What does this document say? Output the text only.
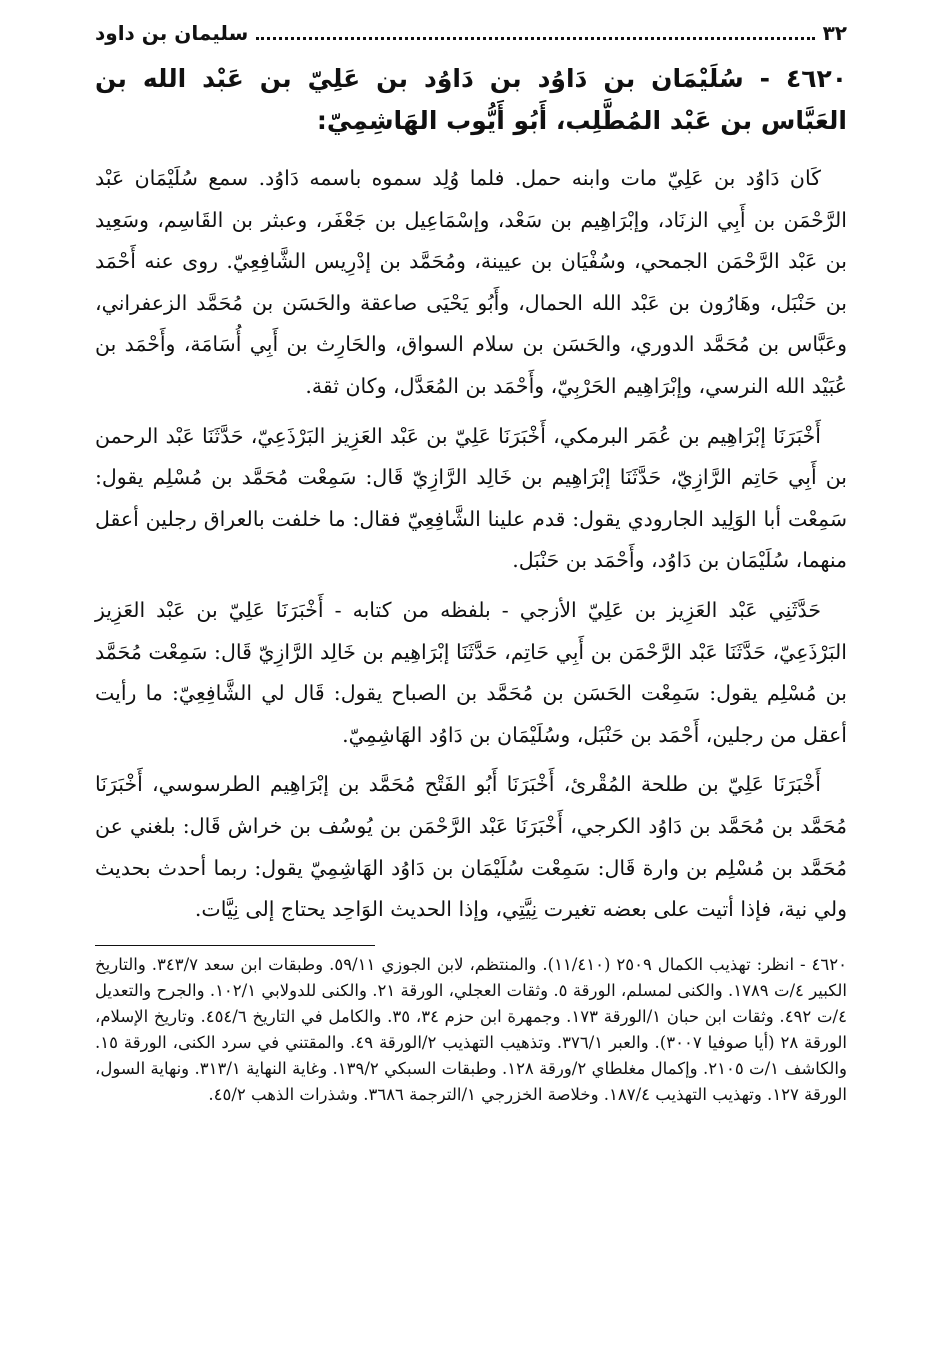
٣٢
سليمان بن داود
٤٦٢٠ - سُلَيْمَان بن دَاوُد بن دَاوُد بن عَلِيّ بن عَبْد الله بن العَبَّاس بن عَبْد المُطَّلِب، أَبُو أَيُّوب الهَاشِمِيّ:

كَان دَاوُد بن عَلِيّ مات وابنه حمل. فلما وُلِد سموه باسمه دَاوُد. سمع سُلَيْمَان عَبْد الرَّحْمَن بن أَبِي الزنَاد، وإبْرَاهِيم بن سَعْد، وإسْمَاعِيل بن جَعْفَر، وعبثر بن القَاسِم، وسَعِيد بن عَبْد الرَّحْمَن الجمحي، وسُفْيَان بن عيينة، ومُحَمَّد بن إدْرِيس الشَّافِعِيّ. روى عنه أَحْمَد بن حَنْبَل، وهَارُون بن عَبْد الله الحمال، وأَبُو يَحْيَى صاعقة والحَسَن بن مُحَمَّد الزعفراني، وعَبَّاس بن مُحَمَّد الدوري، والحَسَن بن سلام السواق، والحَارِث بن أَبِي أُسَامَة، وأَحْمَد بن عُبَيْد الله النرسي، وإبْرَاهِيم الحَرْبِيّ، وأَحْمَد بن المُعَدَّل، وكان ثقة.

أَخْبَرَنَا إبْرَاهِيم بن عُمَر البرمكي، أَخْبَرَنَا عَلِيّ بن عَبْد العَزِيز البَرْذَعِيّ، حَدَّثَنَا عَبْد الرحمن بن أَبِي حَاتِم الرَّازِيّ، حَدَّثَنَا إبْرَاهِيم بن خَالِد الرَّازِيّ قَال: سَمِعْت مُحَمَّد بن مُسْلِم يقول: سَمِعْت أبا الوَلِيد الجارودي يقول: قدم علينا الشَّافِعِيّ فقال: ما خلفت بالعراق رجلين أعقل منهما، سُلَيْمَان بن دَاوُد، وأَحْمَد بن حَنْبَل.

حَدَّثَنِي عَبْد العَزِيز بن عَلِيّ الأزجي - بلفظه من كتابه - أَخْبَرَنَا عَلِيّ بن عَبْد العَزِيز البَرْذَعِيّ، حَدَّثَنَا عَبْد الرَّحْمَن بن أَبِي حَاتِم، حَدَّثَنَا إبْرَاهِيم بن خَالِد الرَّازِيّ قَال: سَمِعْت مُحَمَّد بن مُسْلِم يقول: سَمِعْت الحَسَن بن مُحَمَّد بن الصباح يقول: قَال لي الشَّافِعِيّ: ما رأيت أعقل من رجلين، أَحْمَد بن حَنْبَل، وسُلَيْمَان بن دَاوُد الهَاشِمِيّ.

أَخْبَرَنَا عَلِيّ بن طلحة المُقْرئ، أَخْبَرَنَا أَبُو الفَتْح مُحَمَّد بن إبْرَاهِيم الطرسوسي، أَخْبَرَنَا مُحَمَّد بن مُحَمَّد بن دَاوُد الكرجي، أَخْبَرَنَا عَبْد الرَّحْمَن بن يُوسُف بن خراش قَال: بلغني عن مُحَمَّد بن مُسْلِم بن وارة قَال: سَمِعْت سُلَيْمَان بن دَاوُد الهَاشِمِيّ يقول: ربما أحدث بحديث ولي نية، فإذا أتيت على بعضه تغيرت نِيَّتِي، وإذا الحديث الوَاحِد يحتاج إلى نِيَّات.

٤٦٢٠ - انظر: تهذيب الكمال ٢٥٠٩ (١١/٤١٠). والمنتظم، لابن الجوزي ٥٩/١١. وطبقات ابن سعد ٣٤٣/٧. والتاريخ الكبير ٤/ت ١٧٨٩. والكنى لمسلم، الورقة ٥. وثقات العجلي، الورقة ٢١. والكنى للدولابي ١٠٢/١. والجرح والتعديل ٤/ت ٤٩٢. وثقات ابن حبان ١/الورقة ١٧٣. وجمهرة ابن حزم ٣٤، ٣٥. والكامل في التاريخ ٤٥٤/٦. وتاريخ الإسلام، الورقة ٢٨ (أيا صوفيا ٣٠٠٧). والعبر ٣٧٦/١. وتذهيب التهذيب ٢/الورقة ٤٩. والمقتني في سرد الكنى، الورقة ١٥. والكاشف ١/ت ٢١٠٥. وإكمال مغلطاي ٢/ورقة ١٢٨. وطبقات السبكي ١٣٩/٢. وغاية النهاية ٣١٣/١. ونهاية السول، الورقة ١٢٧. وتهذيب التهذيب ١٨٧/٤. وخلاصة الخزرجي ١/الترجمة ٣٦٨٦. وشذرات الذهب ٤٥/٢.
